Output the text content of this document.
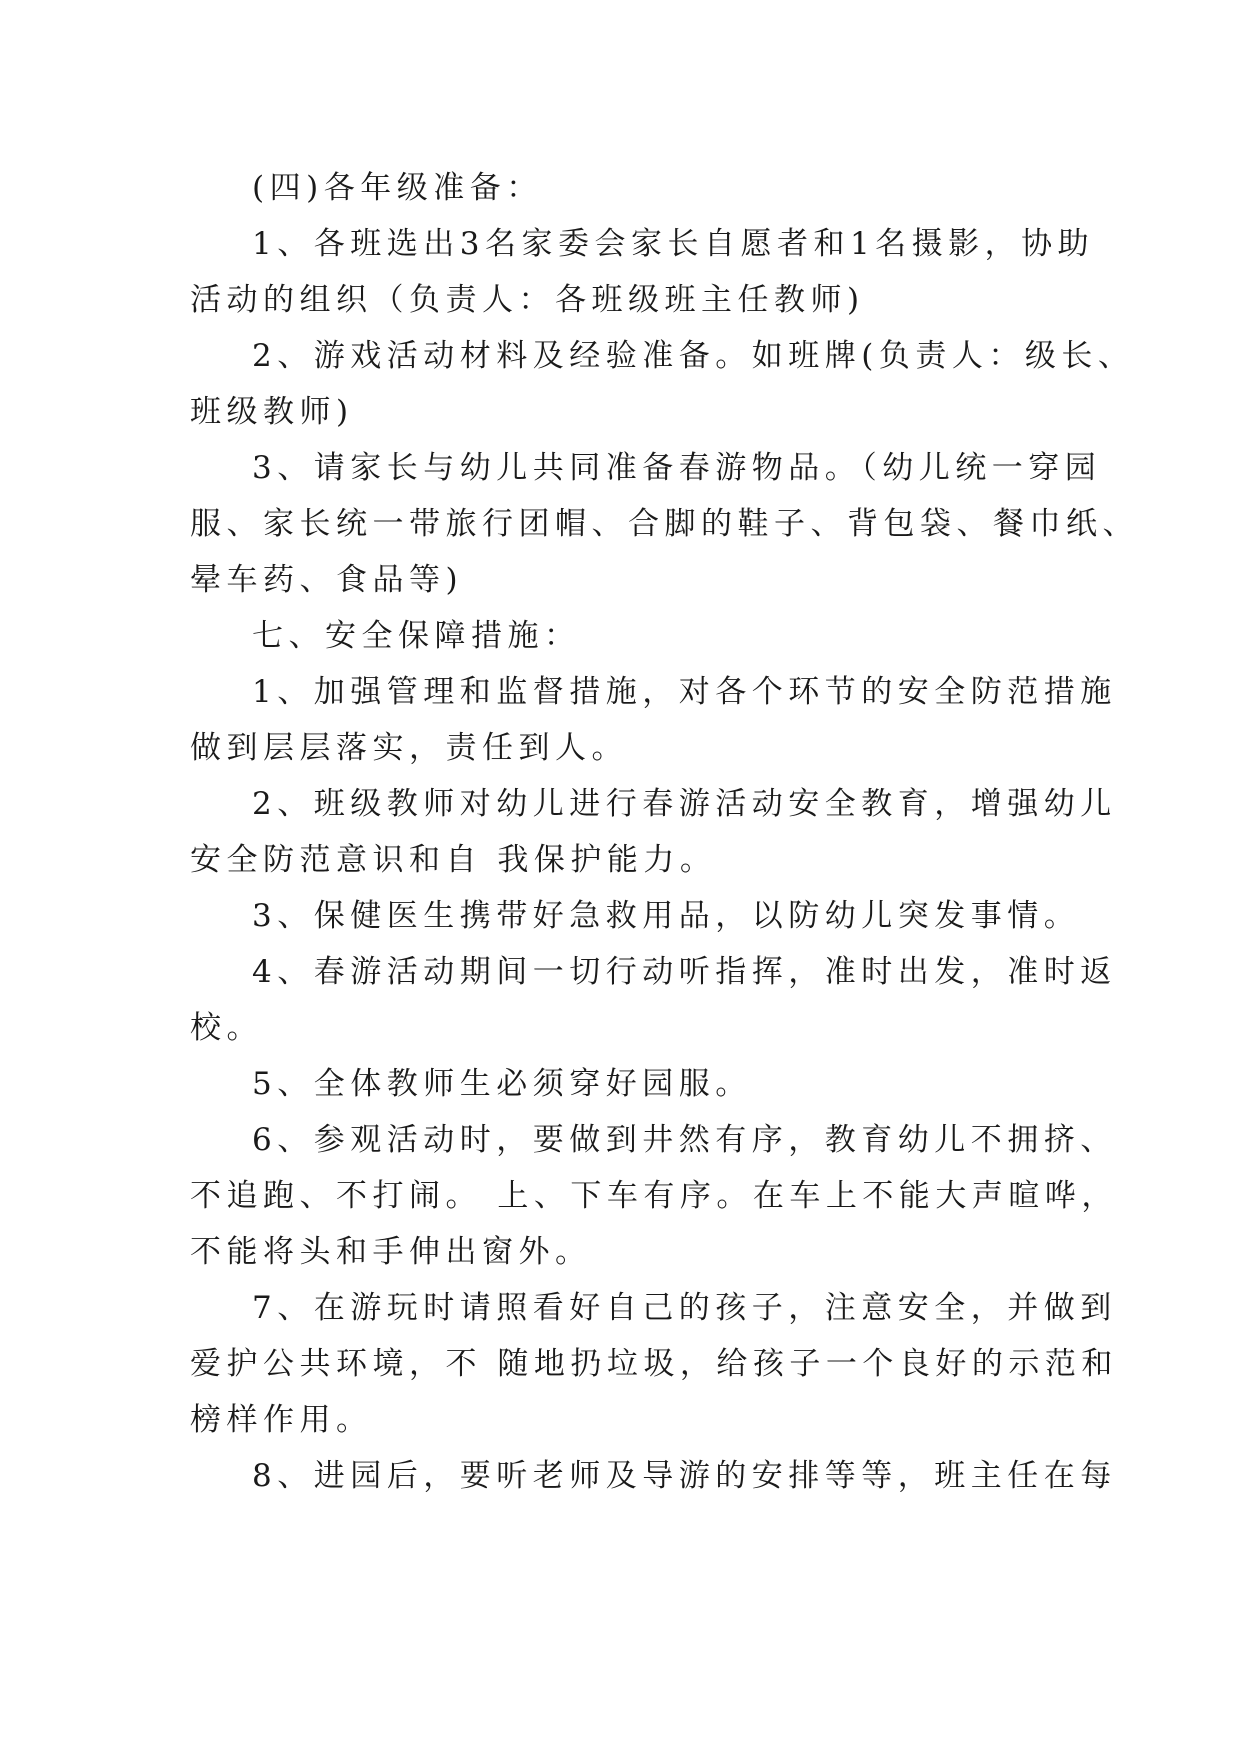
(四)各年级准备：
1、各班选出3名家委会家长自愿者和1名摄影，协助
活动的组织（负责人：各班级班主任教师)
2、游戏活动材料及经验准备。如班牌(负责人：级长、
班级教师)
3、请家长与幼儿共同准备春游物品。（幼儿统一穿园
服、家长统一带旅行团帽、合脚的鞋子、背包袋、餐巾纸、
晕车药、食品等)
七、安全保障措施：
1、加强管理和监督措施，对各个环节的安全防范措施
做到层层落实，责任到人。
2、班级教师对幼儿进行春游活动安全教育，增强幼儿
安全防范意识和自 我保护能力。
3、保健医生携带好急救用品，以防幼儿突发事情。
4、春游活动期间一切行动听指挥，准时出发，准时返
校。
5、全体教师生必须穿好园服。
6、参观活动时，要做到井然有序，教育幼儿不拥挤、
不追跑、不打闹。 上、下车有序。在车上不能大声暄哗，
不能将头和手伸出窗外。
7、在游玩时请照看好自己的孩子，注意安全，并做到
爱护公共环境，不 随地扔垃圾，给孩子一个良好的示范和
榜样作用。
8、进园后，要听老师及导游的安排等等，班主任在每
